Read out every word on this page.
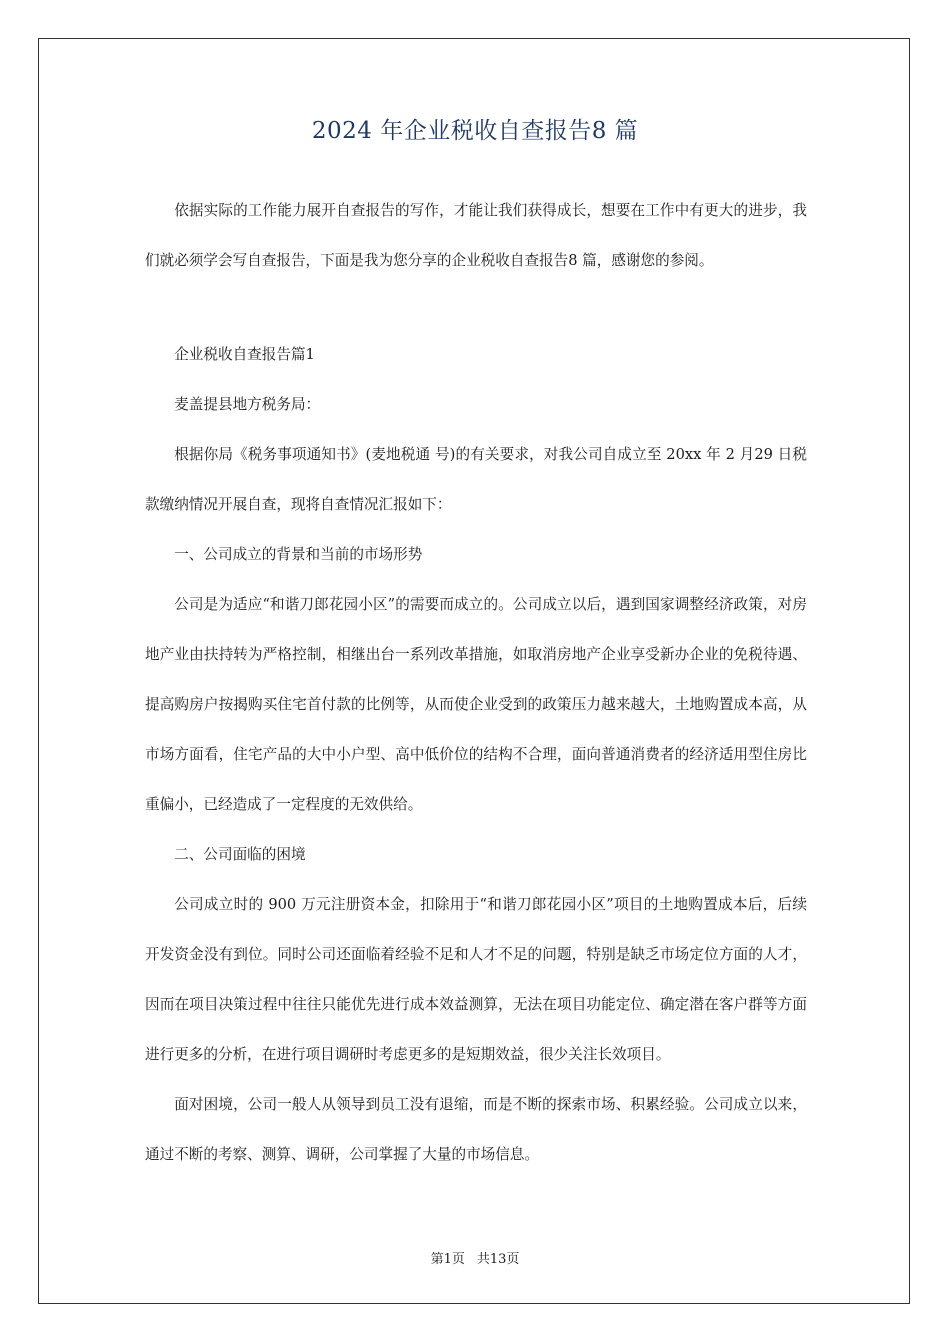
2024 年企业税收自查报告8 篇

依据实际的工作能力展开自查报告的写作，才能让我们获得成长，想要在工作中有更大的进步，我们就必须学会写自查报告，下面是我为您分享的企业税收自查报告8 篇，感谢您的参阅。

企业税收自查报告篇1

麦盖提县地方税务局：

根据你局《税务事项通知书》(麦地税通 号)的有关要求，对我公司自成立至 20xx 年 2 月29 日税款缴纳情况开展自查，现将自查情况汇报如下：

一、公司成立的背景和当前的市场形势

公司是为适应“和谐刀郎花园小区”的需要而成立的。公司成立以后，遇到国家调整经济政策，对房地产业由扶持转为严格控制，相继出台一系列改革措施，如取消房地产企业享受新办企业的免税待遇、提高购房户按揭购买住宅首付款的比例等，从而使企业受到的政策压力越来越大，土地购置成本高，从市场方面看，住宅产品的大中小户型、高中低价位的结构不合理，面向普通消费者的经济适用型住房比重偏小，已经造成了一定程度的无效供给。

二、公司面临的困境

公司成立时的 900 万元注册资本金，扣除用于“和谐刀郎花园小区”项目的土地购置成本后，后续开发资金没有到位。同时公司还面临着经验不足和人才不足的问题，特别是缺乏市场定位方面的人才，因而在项目决策过程中往往只能优先进行成本效益测算，无法在项目功能定位、确定潜在客户群等方面进行更多的分析，在进行项目调研时考虑更多的是短期效益，很少关注长效项目。

面对困境，公司一般人从领导到员工没有退缩，而是不断的探索市场、积累经验。公司成立以来，通过不断的考察、测算、调研，公司掌握了大量的市场信息。

第1页 共13页
